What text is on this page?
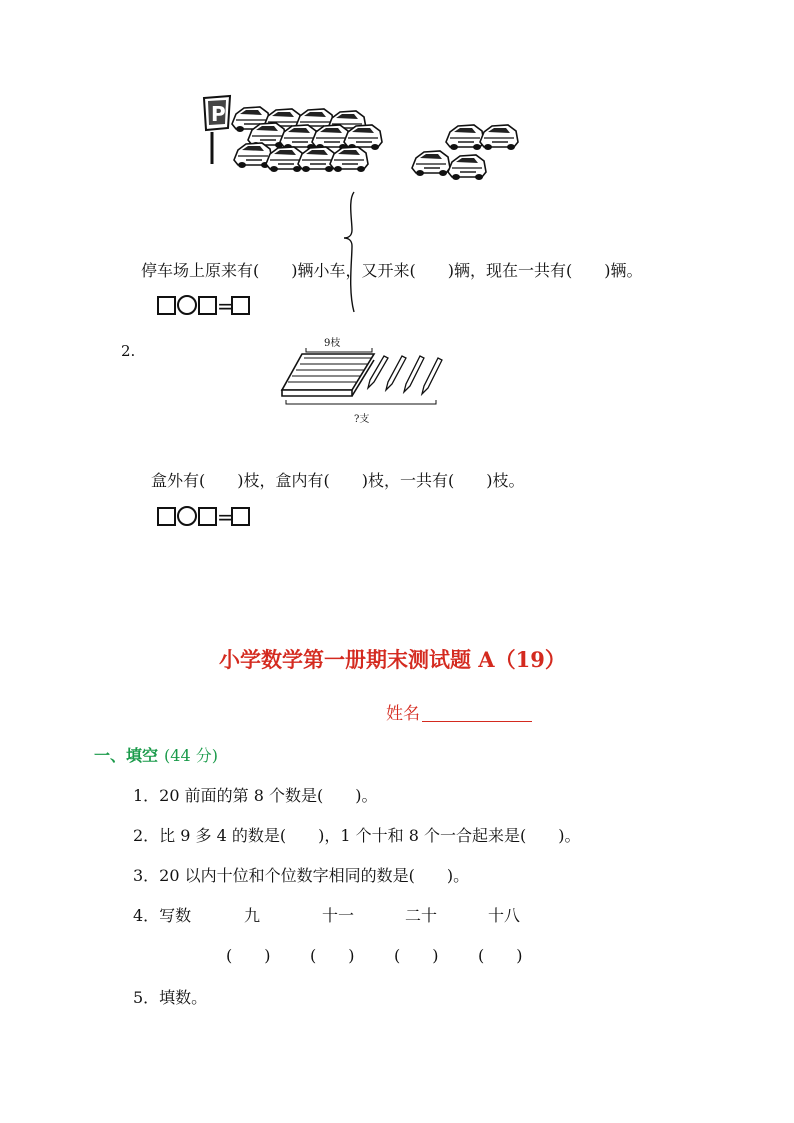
P
停车场上原来有(　　)辆小车，又开来(　　)辆，现在一共有(　　)辆。
=
2.	9枝
?支
盒外有(　　)枝，盒内有(　　)枝，一共有(　　)枝。
=
小学数学第一册期末测试题 A（19）
姓名
一、填空 (44 分)
1．20 前面的第 8 个数是(　　)。
2．比 9 多 4 的数是(　　)，1 个十和 8 个一合起来是(　　)。
3．20 以内十位和个位数字相同的数是(　　)。
4．写数	九	十一	二十	十八
(　　) (　　) (　　) (　　)
5．填数。
